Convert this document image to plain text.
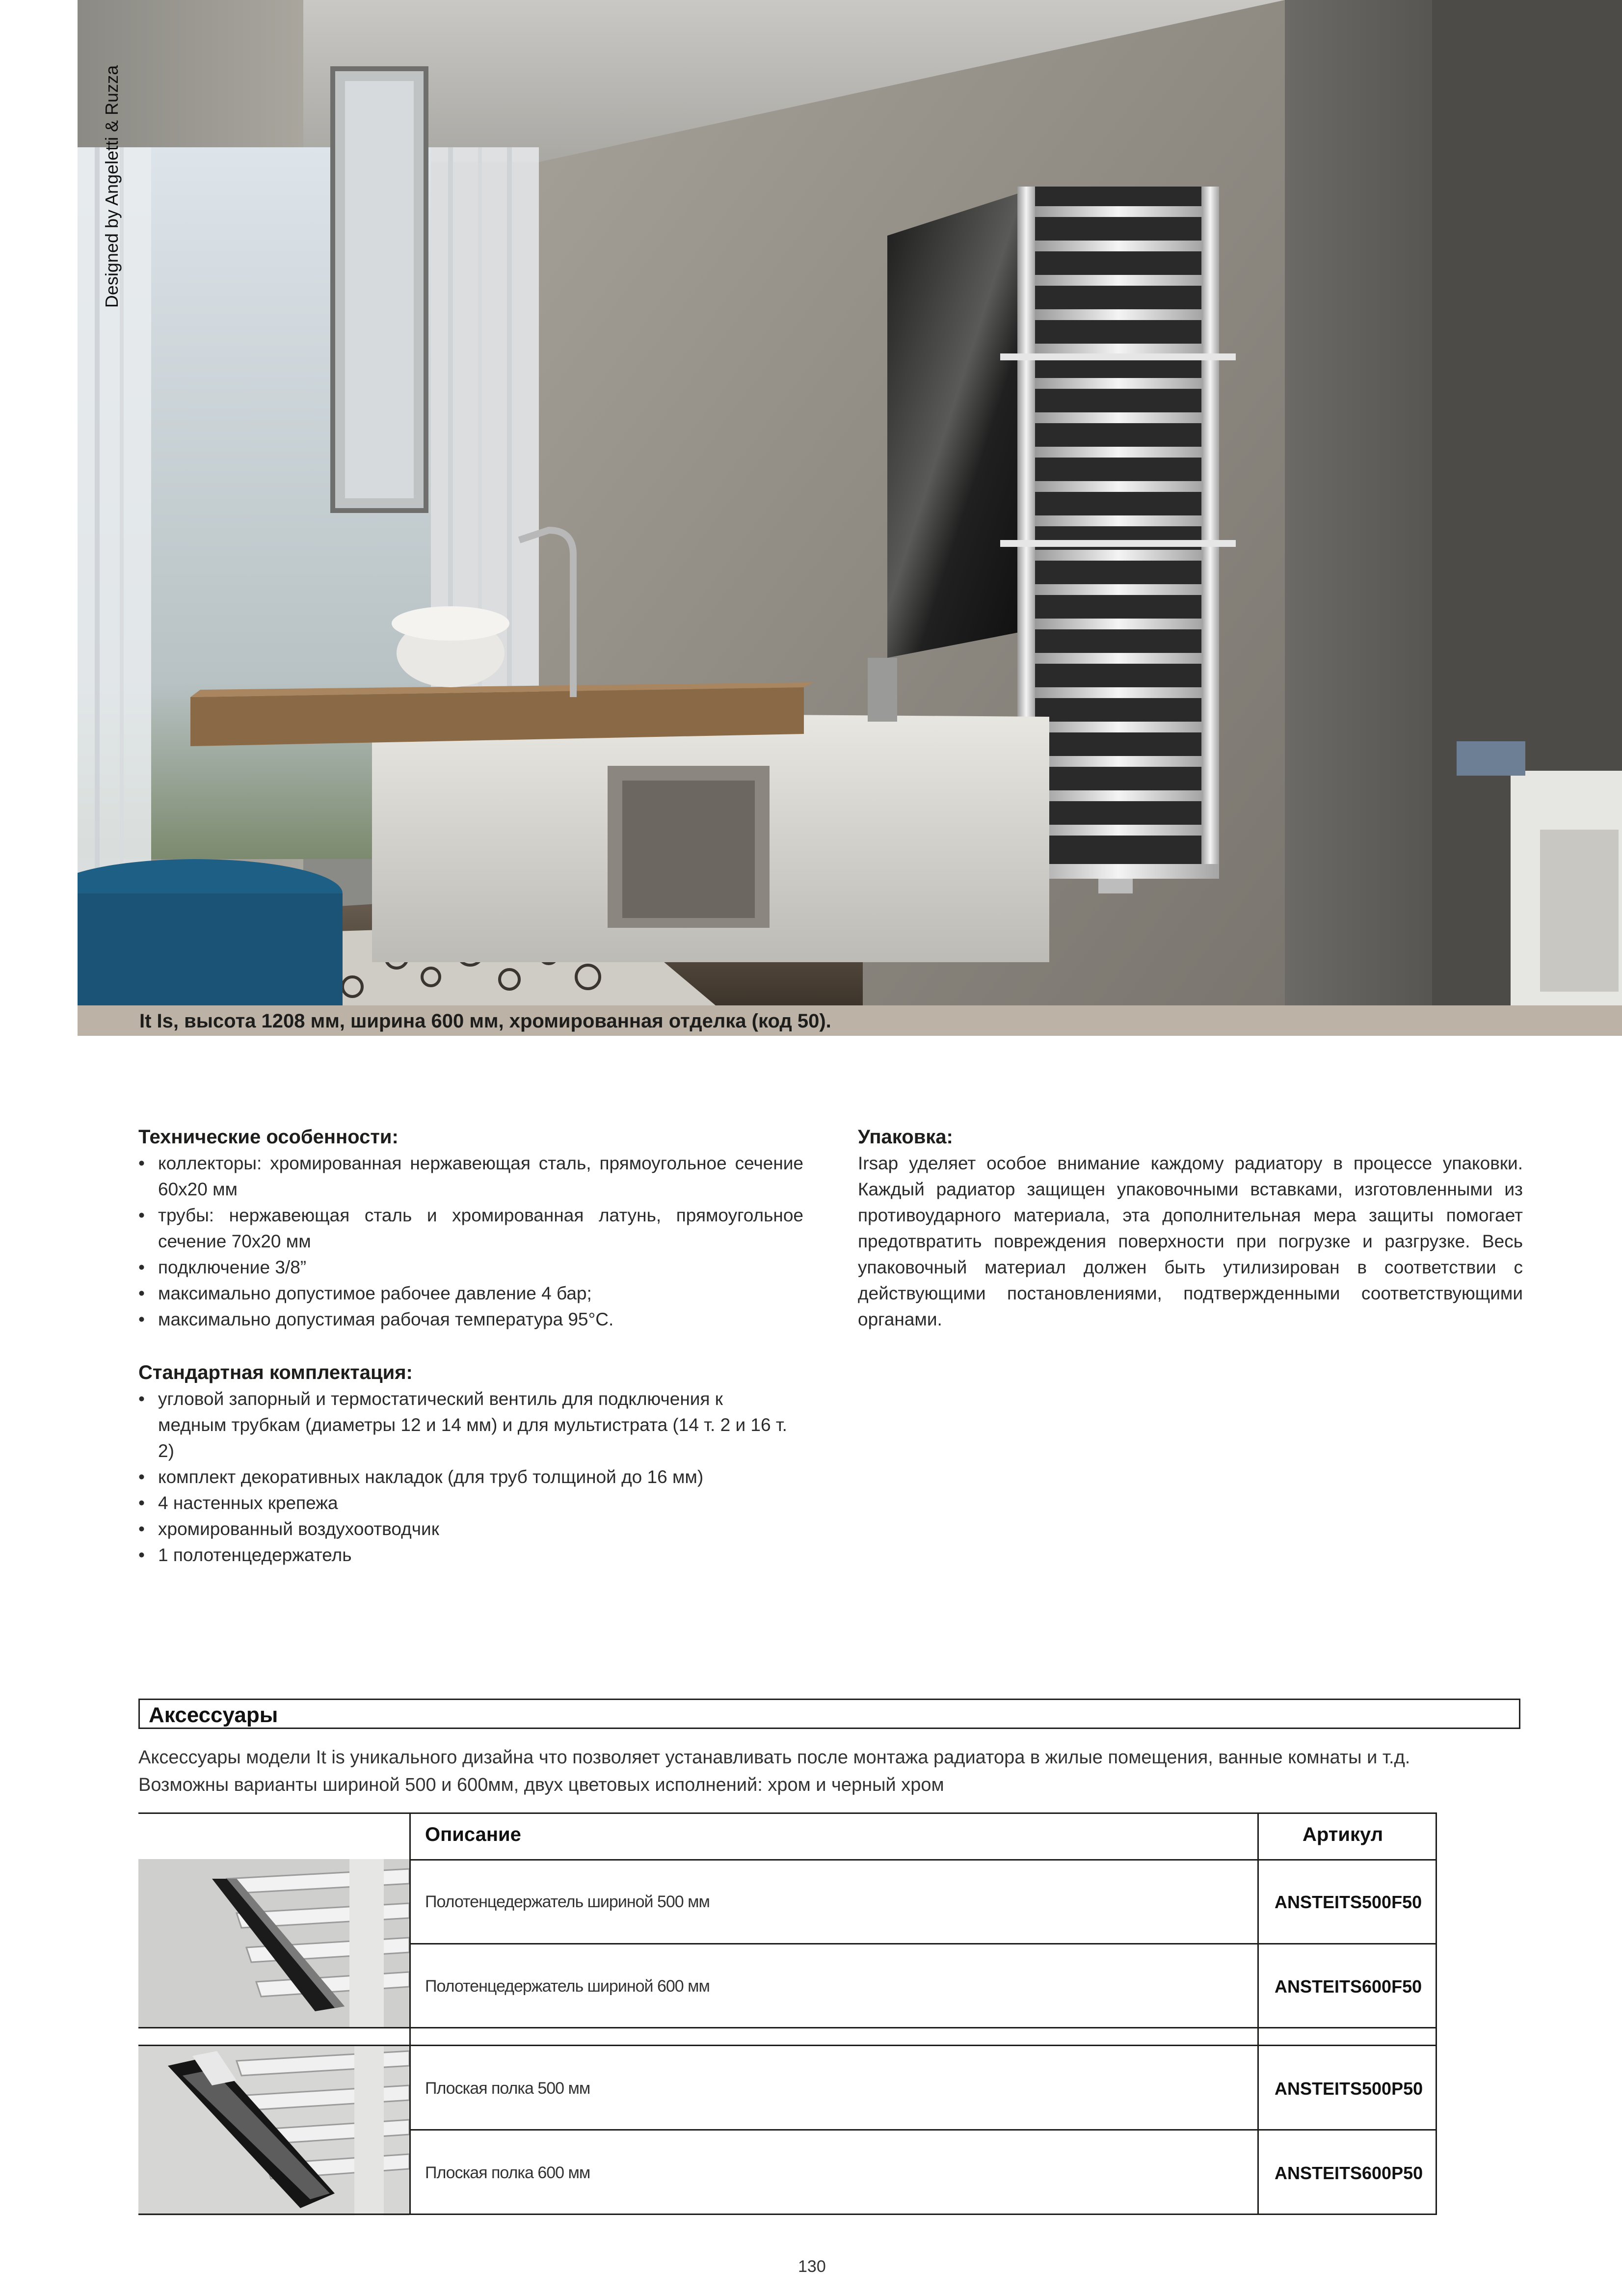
Designed by Angeletti & Ruzza
It Is, высота 1208 мм, ширина 600 мм, хромированная отделка (код 50).
Технические особенности:
• коллекторы: хромированная нержавеющая сталь, прямоугольное сечение 60x20 мм
• трубы: нержавеющая сталь и хромированная латунь, прямоугольное сечение 70x20 мм
• подключение 3/8”
• максимально допустимое рабочее давление 4 бар;
• максимально допустимая рабочая температура 95°C.
Стандартная комплектация:
• угловой запорный и термостатический вентиль для подключения к медным трубкам (диаметры 12 и 14 мм) и для мультистрата (14 т. 2 и 16 т. 2)
• комплект декоративных накладок (для труб толщиной до 16 мм)
• 4 настенных крепежа
• хромированный воздухоотводчик
• 1 полотенцедержатель
Упаковка:

Irsap уделяет особое внимание каждому радиатору в процессе упаковки. Каждый радиатор защищен упаковочными вставками, изготовленными из противоударного материала, эта дополнительная мера защиты помогает предотвратить повреждения поверхности при погрузке и разгрузке. Весь упаковочный материал должен быть утилизирован в соответствии с действующими постановлениями, подтвержденными соответствующими органами.

Аксессуары
Аксессуары модели It is уникального дизайна что позволяет устанавливать после монтажа радиатора в жилые помещения, ванные комнаты и т.д.
Возможны варианты шириной 500 и 600мм, двух цветовых исполнений: хром и черный хром
Описание	Артикул
Полотенцедержатель шириной 500 мм	ANSTEITS500F50
Полотенцедержатель шириной 600 мм	ANSTEITS600F50
Плоская полка 500 мм	ANSTEITS500P50
Плоская полка 600 мм	ANSTEITS600P50
130
